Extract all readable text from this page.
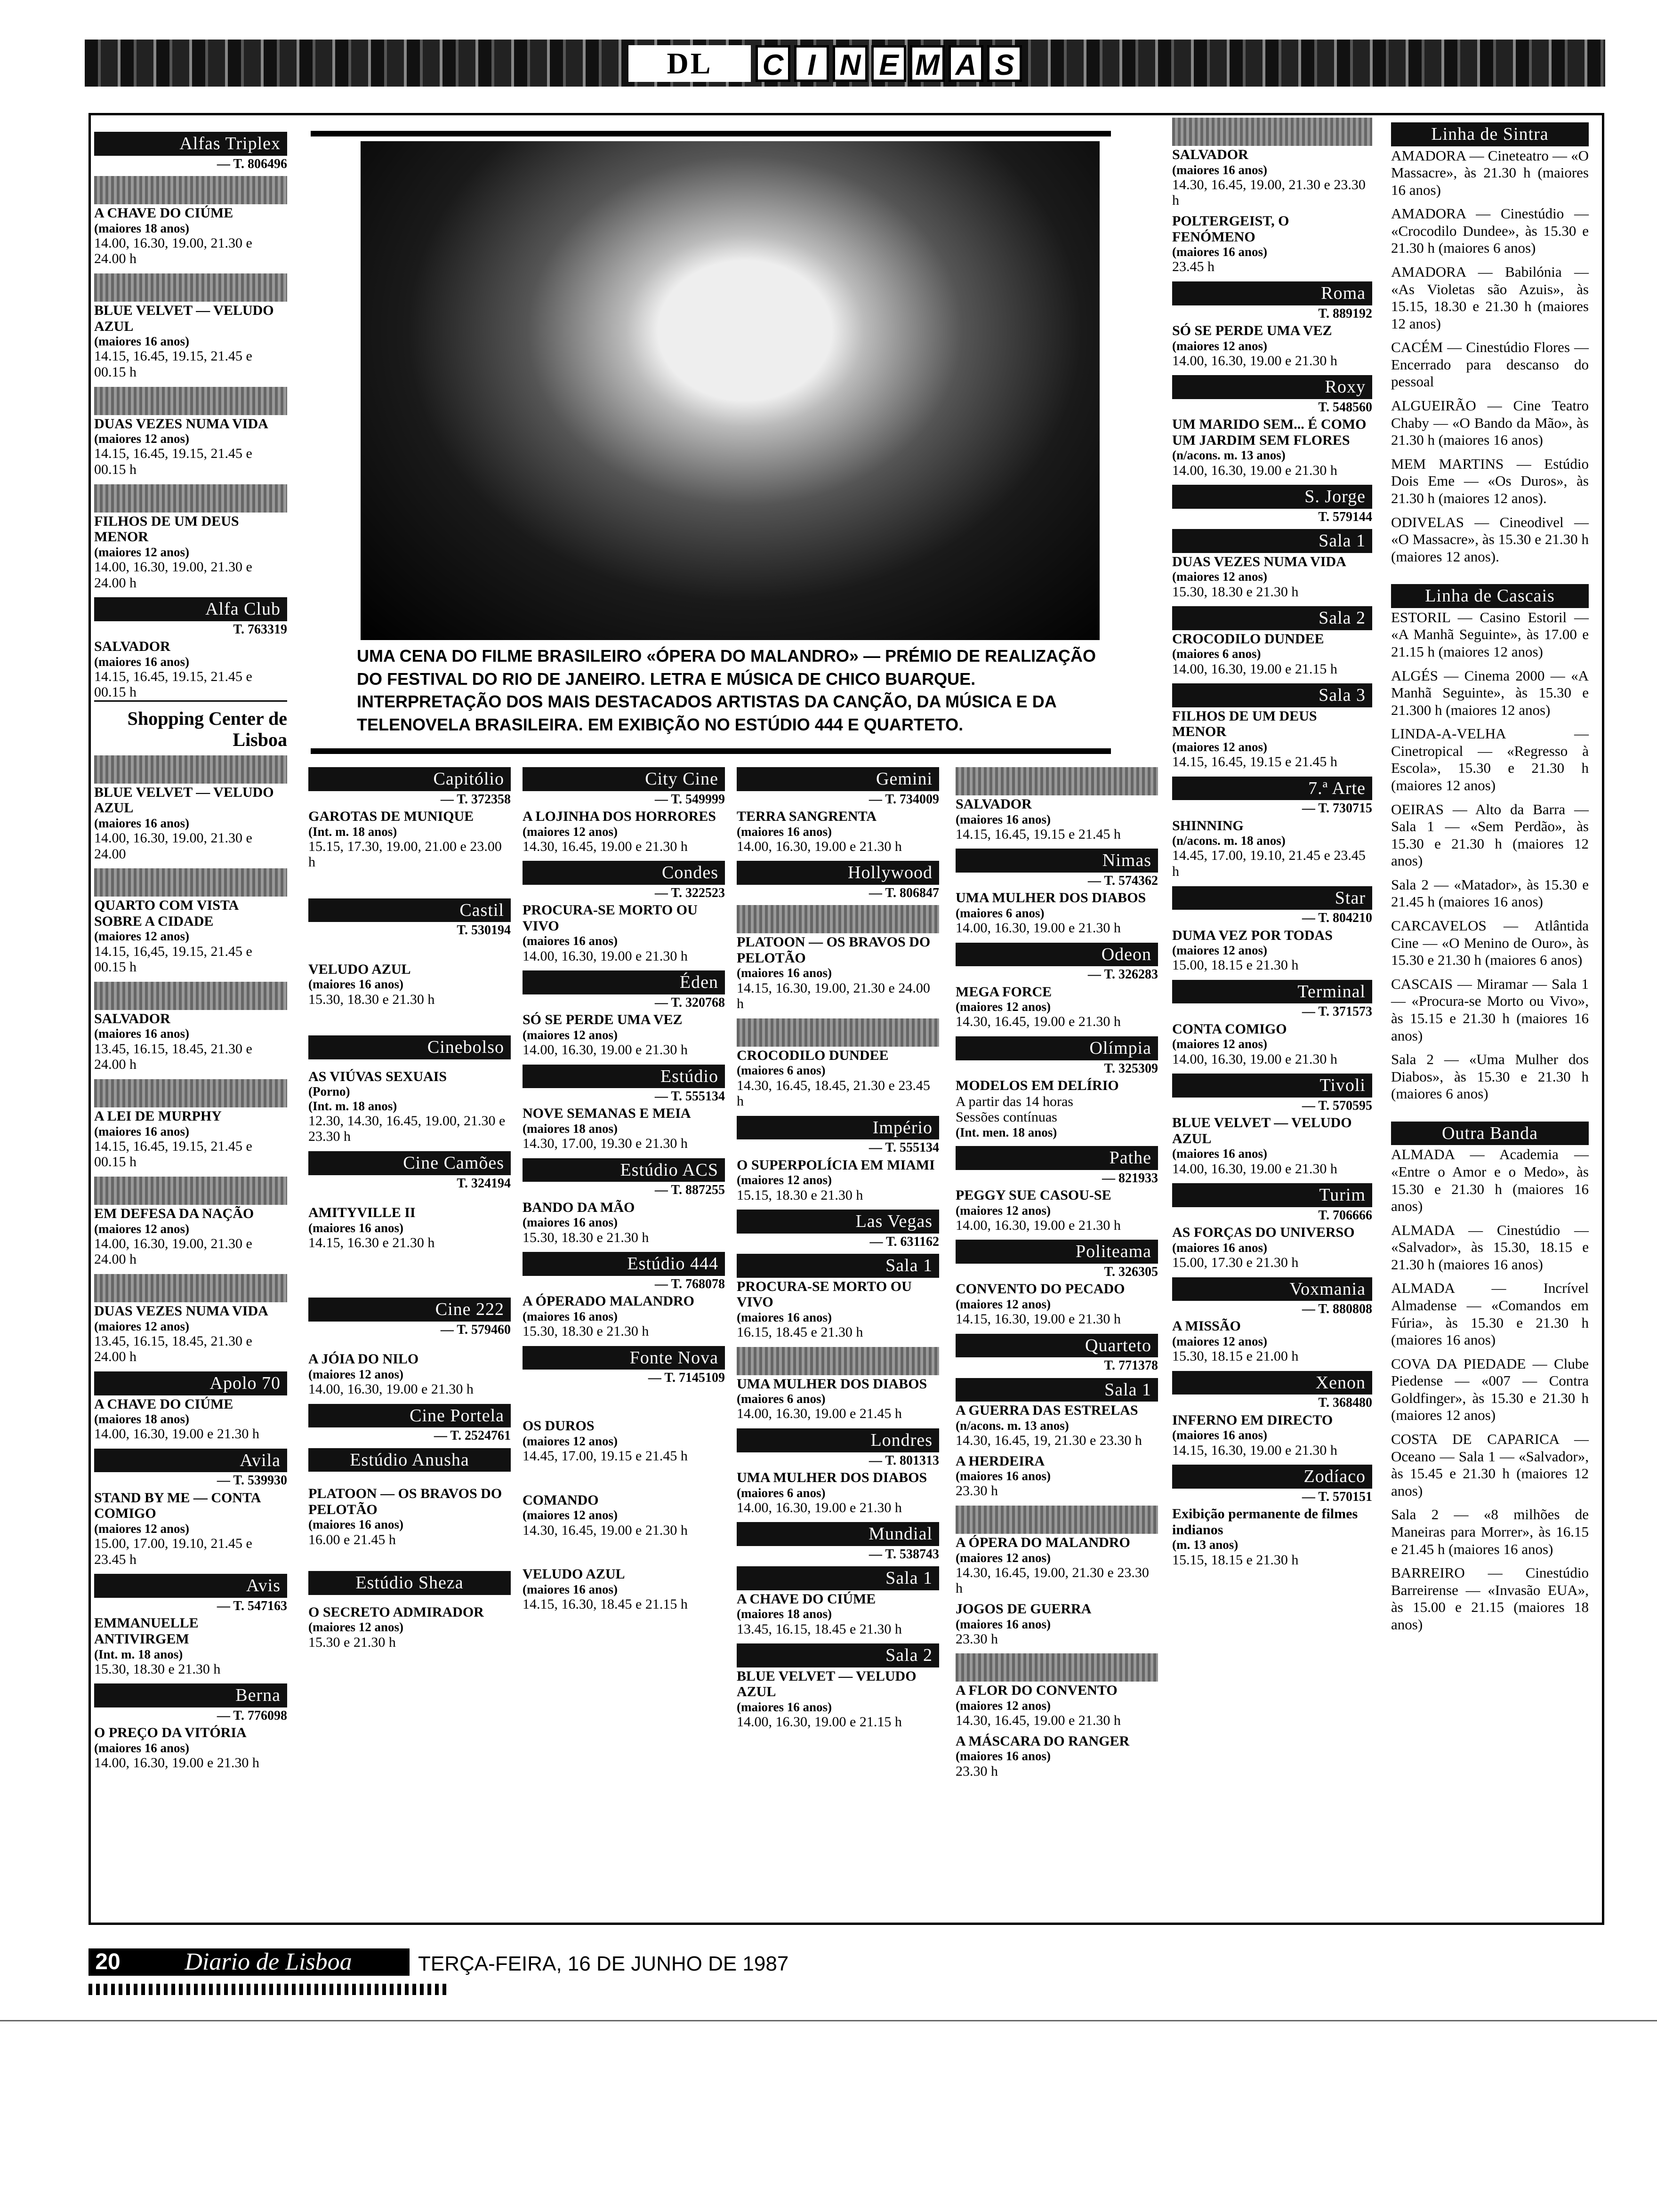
DL	C I N E M A S
Alfas Triplex
— T. 806496
A CHAVE DO CIÚME
(maiores 18 anos)
14.00, 16.30, 19.00, 21.30 e 24.00 h
BLUE VELVET — VELUDO AZUL
(maiores 16 anos)
14.15, 16.45, 19.15, 21.45 e 00.15 h
DUAS VEZES NUMA VIDA
(maiores 12 anos)
14.15, 16.45, 19.15, 21.45 e 00.15 h
FILHOS DE UM DEUS MENOR
(maiores 12 anos)
14.00, 16.30, 19.00, 21.30 e 24.00 h
Alfa Club
T. 763319
SALVADOR
(maiores 16 anos)
14.15, 16.45, 19.15, 21.45 e 00.15 h
Shopping Center de Lisboa
BLUE VELVET — VELUDO AZUL
(maiores 16 anos)
14.00, 16.30, 19.00, 21.30 e 24.00
QUARTO COM VISTA SOBRE A CIDADE
(maiores 12 anos)
14.15, 16,45, 19.15, 21.45 e 00.15 h
SALVADOR
(maiores 16 anos)
13.45, 16.15, 18.45, 21.30 e 24.00 h
A LEI DE MURPHY
(maiores 16 anos)
14.15, 16.45, 19.15, 21.45 e 00.15 h
EM DEFESA DA NAÇÃO
(maiores 12 anos)
14.00, 16.30, 19.00, 21.30 e 24.00 h
DUAS VEZES NUMA VIDA
(maiores 12 anos)
13.45, 16.15, 18.45, 21.30 e 24.00 h
Apolo 70
A CHAVE DO CIÚME
(maiores 18 anos)
14.00, 16.30, 19.00 e 21.30 h
Avila
— T. 539930
STAND BY ME — CONTA COMIGO
(maiores 12 anos)
15.00, 17.00, 19.10, 21.45 e 23.45 h
Avis
— T. 547163
EMMANUELLE ANTIVIRGEM
(Int. m. 18 anos)
15.30, 18.30 e 21.30 h
Berna
— T. 776098
O PREÇO DA VITÓRIA
(maiores 16 anos)
14.00, 16.30, 19.00 e 21.30 h
UMA CENA DO FILME BRASILEIRO «ÓPERA DO MALANDRO» — PRÉMIO DE REALIZAÇÃO DO FESTIVAL DO RIO DE JANEIRO. LETRA E MÚSICA DE CHICO BUARQUE. INTERPRETAÇÃO DOS MAIS DESTACADOS ARTISTAS DA CANÇÃO, DA MÚSICA E DA TELENOVELA BRASILEIRA. EM EXIBIÇÃO NO ESTÚDIO 444 E QUARTETO.
Capitólio
— T. 372358
GAROTAS DE MUNIQUE
(Int. m. 18 anos)
15.15, 17.30, 19.00, 21.00 e 23.00 h
Castil
T. 530194
VELUDO AZUL
(maiores 16 anos)
15.30, 18.30 e 21.30 h
Cinebolso
AS VIÚVAS SEXUAIS
(Porno)
(Int. m. 18 anos)
12.30, 14.30, 16.45, 19.00, 21.30 e 23.30 h
Cine Camões
T. 324194
AMITYVILLE II
(maiores 16 anos)
14.15, 16.30 e 21.30 h
Cine 222
— T. 579460
A JÓIA DO NILO
(maiores 12 anos)
14.00, 16.30, 19.00 e 21.30 h
Cine Portela
— T. 2524761
Estúdio Anusha
PLATOON — OS BRAVOS DO PELOTÃO
(maiores 16 anos)
16.00 e 21.45 h
Estúdio Sheza
O SECRETO ADMIRADOR
(maiores 12 anos)
15.30 e 21.30 h
City Cine
— T. 549999
A LOJINHA DOS HORRORES
(maiores 12 anos)
14.30, 16.45, 19.00 e 21.30 h
Condes
— T. 322523
PROCURA-SE MORTO OU VIVO
(maiores 16 anos)
14.00, 16.30, 19.00 e 21.30 h
Éden
— T. 320768
SÓ SE PERDE UMA VEZ
(maiores 12 anos)
14.00, 16.30, 19.00 e 21.30 h
Estúdio
— T. 555134
NOVE SEMANAS E MEIA
(maiores 18 anos)
14.30, 17.00, 19.30 e 21.30 h
Estúdio ACS
— T. 887255
BANDO DA MÃO
(maiores 16 anos)
15.30, 18.30 e 21.30 h
Estúdio 444
— T. 768078
A ÓPERADO MALANDRO
(maiores 16 anos)
15.30, 18.30 e 21.30 h
Fonte Nova
— T. 7145109
OS DUROS
(maiores 12 anos)
14.45, 17.00, 19.15 e 21.45 h
COMANDO
(maiores 12 anos)
14.30, 16.45, 19.00 e 21.30 h
VELUDO AZUL
(maiores 16 anos)
14.15, 16.30, 18.45 e 21.15 h
Gemini
— T. 734009
TERRA SANGRENTA
(maiores 16 anos)
14.00, 16.30, 19.00 e 21.30 h
Hollywood
— T. 806847
PLATOON — OS BRAVOS DO PELOTÃO
(maiores 16 anos)
14.15, 16.30, 19.00, 21.30 e 24.00 h
CROCODILO DUNDEE
(maiores 6 anos)
14.30, 16.45, 18.45, 21.30 e 23.45 h
Império
— T. 555134
O SUPERPOLÍCIA EM MIAMI
(maiores 12 anos)
15.15, 18.30 e 21.30 h
Las Vegas
— T. 631162
Sala 1
PROCURA-SE MORTO OU VIVO
(maiores 16 anos)
16.15, 18.45 e 21.30 h
UMA MULHER DOS DIABOS
(maiores 6 anos)
14.00, 16.30, 19.00 e 21.45 h
Londres
— T. 801313
UMA MULHER DOS DIABOS
(maiores 6 anos)
14.00, 16.30, 19.00 e 21.30 h
Mundial
— T. 538743
Sala 1
A CHAVE DO CIÚME
(maiores 18 anos)
13.45, 16.15, 18.45 e 21.30 h
Sala 2
BLUE VELVET — VELUDO AZUL
(maiores 16 anos)
14.00, 16.30, 19.00 e 21.15 h
SALVADOR
(maiores 16 anos)
14.15, 16.45, 19.15 e 21.45 h
Nimas
— T. 574362
UMA MULHER DOS DIABOS
(maiores 6 anos)
14.00, 16.30, 19.00 e 21.30 h
Odeon
— T. 326283
MEGA FORCE
(maiores 12 anos)
14.30, 16.45, 19.00 e 21.30 h
Olímpia
T. 325309
MODELOS EM DELÍRIO
A partir das 14 horas
Sessões contínuas
(Int. men. 18 anos)
Pathe
— 821933
PEGGY SUE CASOU-SE
(maiores 12 anos)
14.00, 16.30, 19.00 e 21.30 h
Politeama
T. 326305
CONVENTO DO PECADO
(maiores 12 anos)
14.15, 16.30, 19.00 e 21.30 h
Quarteto
T. 771378
Sala 1
A GUERRA DAS ESTRELAS
(n/acons. m. 13 anos)
14.30, 16.45, 19, 21.30 e 23.30 h
A HERDEIRA
(maiores 16 anos)
23.30 h
A ÓPERA DO MALANDRO
(maiores 12 anos)
14.30, 16.45, 19.00, 21.30 e 23.30 h
JOGOS DE GUERRA
(maiores 16 anos)
23.30 h
A FLOR DO CONVENTO
(maiores 12 anos)
14.30, 16.45, 19.00 e 21.30 h
A MÁSCARA DO RANGER
(maiores 16 anos)
23.30 h
SALVADOR
(maiores 16 anos)
14.30, 16.45, 19.00, 21.30 e 23.30 h
POLTERGEIST, O FENÓMENO
(maiores 16 anos)
23.45 h
Roma
T. 889192
SÓ SE PERDE UMA VEZ
(maiores 12 anos)
14.00, 16.30, 19.00 e 21.30 h
Roxy
T. 548560
UM MARIDO SEM... É COMO UM JARDIM SEM FLORES
(n/acons. m. 13 anos)
14.00, 16.30, 19.00 e 21.30 h
S. Jorge
T. 579144
Sala 1
DUAS VEZES NUMA VIDA
(maiores 12 anos)
15.30, 18.30 e 21.30 h
Sala 2
CROCODILO DUNDEE
(maiores 6 anos)
14.00, 16.30, 19.00 e 21.15 h
Sala 3
FILHOS DE UM DEUS MENOR
(maiores 12 anos)
14.15, 16.45, 19.15 e 21.45 h
7.ª Arte
— T. 730715
SHINNING
(n/acons. m. 18 anos)
14.45, 17.00, 19.10, 21.45 e 23.45 h
Star
— T. 804210
DUMA VEZ POR TODAS
(maiores 12 anos)
15.00, 18.15 e 21.30 h
Terminal
— T. 371573
CONTA COMIGO
(maiores 12 anos)
14.00, 16.30, 19.00 e 21.30 h
Tivoli
— T. 570595
BLUE VELVET — VELUDO AZUL
(maiores 16 anos)
14.00, 16.30, 19.00 e 21.30 h
Turim
T. 706666
AS FORÇAS DO UNIVERSO
(maiores 16 anos)
15.00, 17.30 e 21.30 h
Voxmania
— T. 880808
A MISSÃO
(maiores 12 anos)
15.30, 18.15 e 21.00 h
Xenon
T. 368480
INFERNO EM DIRECTO
(maiores 16 anos)
14.15, 16.30, 19.00 e 21.30 h
Zodíaco
— T. 570151
Exibição permanente de filmes indianos
(m. 13 anos)
15.15, 18.15 e 21.30 h
Linha de Sintra
AMADORA — Cineteatro — «O Massacre», às 21.30 h (maiores 16 anos)
AMADORA — Cinestúdio — «Crocodilo Dundee», às 15.30 e 21.30 h (maiores 6 anos)
AMADORA — Babilónia — «As Violetas são Azuis», às 15.15, 18.30 e 21.30 h (maiores 12 anos)
CACÉM — Cinestúdio Flores — Encerrado para descanso do pessoal
ALGUEIRÃO — Cine Teatro Chaby — «O Bando da Mão», às 21.30 h (maiores 16 anos)
MEM MARTINS — Estúdio Dois Eme — «Os Duros», às 21.30 h (maiores 12 anos).
ODIVELAS — Cineodivel — «O Massacre», às 15.30 e 21.30 h (maiores 12 anos).
Linha de Cascais
ESTORIL — Casino Estoril — «A Manhã Seguinte», às 17.00 e 21.15 h (maiores 12 anos)
ALGÉS — Cinema 2000 — «A Manhã Seguinte», às 15.30 e 21.300 h (maiores 12 anos)
LINDA-A-VELHA — Cinetropical — «Regresso à Escola», 15.30 e 21.30 h (maiores 12 anos)
OEIRAS — Alto da Barra — Sala 1 — «Sem Perdão», às 15.30 e 21.30 h (maiores 12 anos)
Sala 2 — «Matador», às 15.30 e 21.45 h (maiores 16 anos)
CARCAVELOS — Atlântida Cine — «O Menino de Ouro», às 15.30 e 21.30 h (maiores 6 anos)
CASCAIS — Miramar — Sala 1 — «Procura-se Morto ou Vivo», às 15.15 e 21.30 h (maiores 16 anos)
Sala 2 — «Uma Mulher dos Diabos», às 15.30 e 21.30 h (maiores 6 anos)
Outra Banda
ALMADA — Academia — «Entre o Amor e o Medo», às 15.30 e 21.30 h (maiores 16 anos)
ALMADA — Cinestúdio — «Salvador», às 15.30, 18.15 e 21.30 h (maiores 16 anos)
ALMADA — Incrível Almadense — «Comandos em Fúria», às 15.30 e 21.30 h (maiores 16 anos)
COVA DA PIEDADE — Clube Piedense — «007 — Contra Goldfinger», às 15.30 e 21.30 h (maiores 12 anos)
COSTA DE CAPARICA — Oceano — Sala 1 — «Salvador», às 15.45 e 21.30 h (maiores 12 anos)
Sala 2 — «8 milhões de Maneiras para Morrer», às 16.15 e 21.45 h (maiores 16 anos)
BARREIRO — Cinestúdio Barreirense — «Invasão EUA», às 15.00 e 21.15 (maiores 18 anos)
20	Diario de Lisboa	TERÇA-FEIRA, 16 DE JUNHO DE 1987
